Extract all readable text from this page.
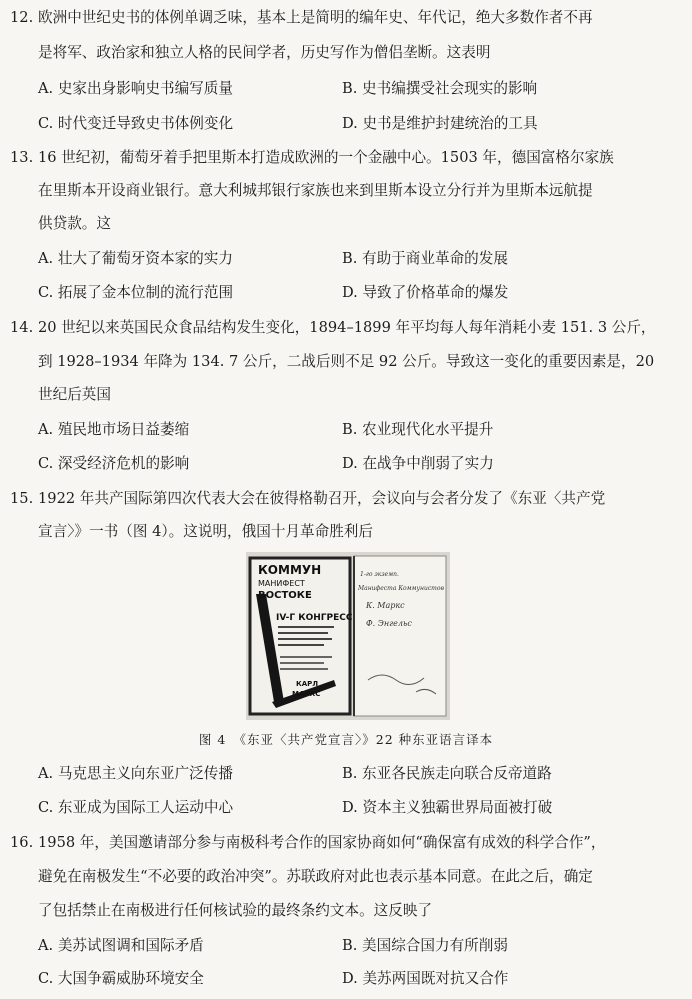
12. 欧洲中世纪史书的体例单调乏味，基本上是简明的编年史、年代记，绝大多数作者不再
是将军、政治家和独立人格的民间学者，历史写作为僧侣垄断。这表明
A. 史家出身影响史书编写质量	B. 史书编撰受社会现实的影响
C. 时代变迁导致史书体例变化	D. 史书是维护封建统治的工具
13. 16 世纪初，葡萄牙着手把里斯本打造成欧洲的一个金融中心。1503 年，德国富格尔家族
在里斯本开设商业银行。意大利城邦银行家族也来到里斯本设立分行并为里斯本远航提
供贷款。这
A. 壮大了葡萄牙资本家的实力	B. 有助于商业革命的发展
C. 拓展了金本位制的流行范围	D. 导致了价格革命的爆发
14. 20 世纪以来英国民众食品结构发生变化，1894–1899 年平均每人每年消耗小麦 151. 3 公斤，
到 1928–1934 年降为 134. 7 公斤，二战后则不足 92 公斤。导致这一变化的重要因素是，20
世纪后英国
A. 殖民地市场日益萎缩	B. 农业现代化水平提升
C. 深受经济危机的影响	D. 在战争中削弱了实力
15. 1922 年共产国际第四次代表大会在彼得格勒召开，会议向与会者分发了《东亚〈共产党
宣言〉》一书（图 4）。这说明，俄国十月革命胜利后
КОММУН
МАНИФЕСТ
ВОСТОКЕ
IV-Г КОНГРЕСС
КАРЛ
МАРКС
1-го экземп.
Манифеста Коммунистов
К. Маркс
Ф. Энгельс
图 4　《东亚〈共产党宣言〉》22 种东亚语言译本
A. 马克思主义向东亚广泛传播	B. 东亚各民族走向联合反帝道路
C. 东亚成为国际工人运动中心	D. 资本主义独霸世界局面被打破
16. 1958 年，美国邀请部分参与南极科考合作的国家协商如何“确保富有成效的科学合作”，
避免在南极发生“不必要的政治冲突”。苏联政府对此也表示基本同意。在此之后，确定
了包括禁止在南极进行任何核试验的最终条约文本。这反映了
A. 美苏试图调和国际矛盾	B. 美国综合国力有所削弱
C. 大国争霸威胁环境安全	D. 美苏两国既对抗又合作
